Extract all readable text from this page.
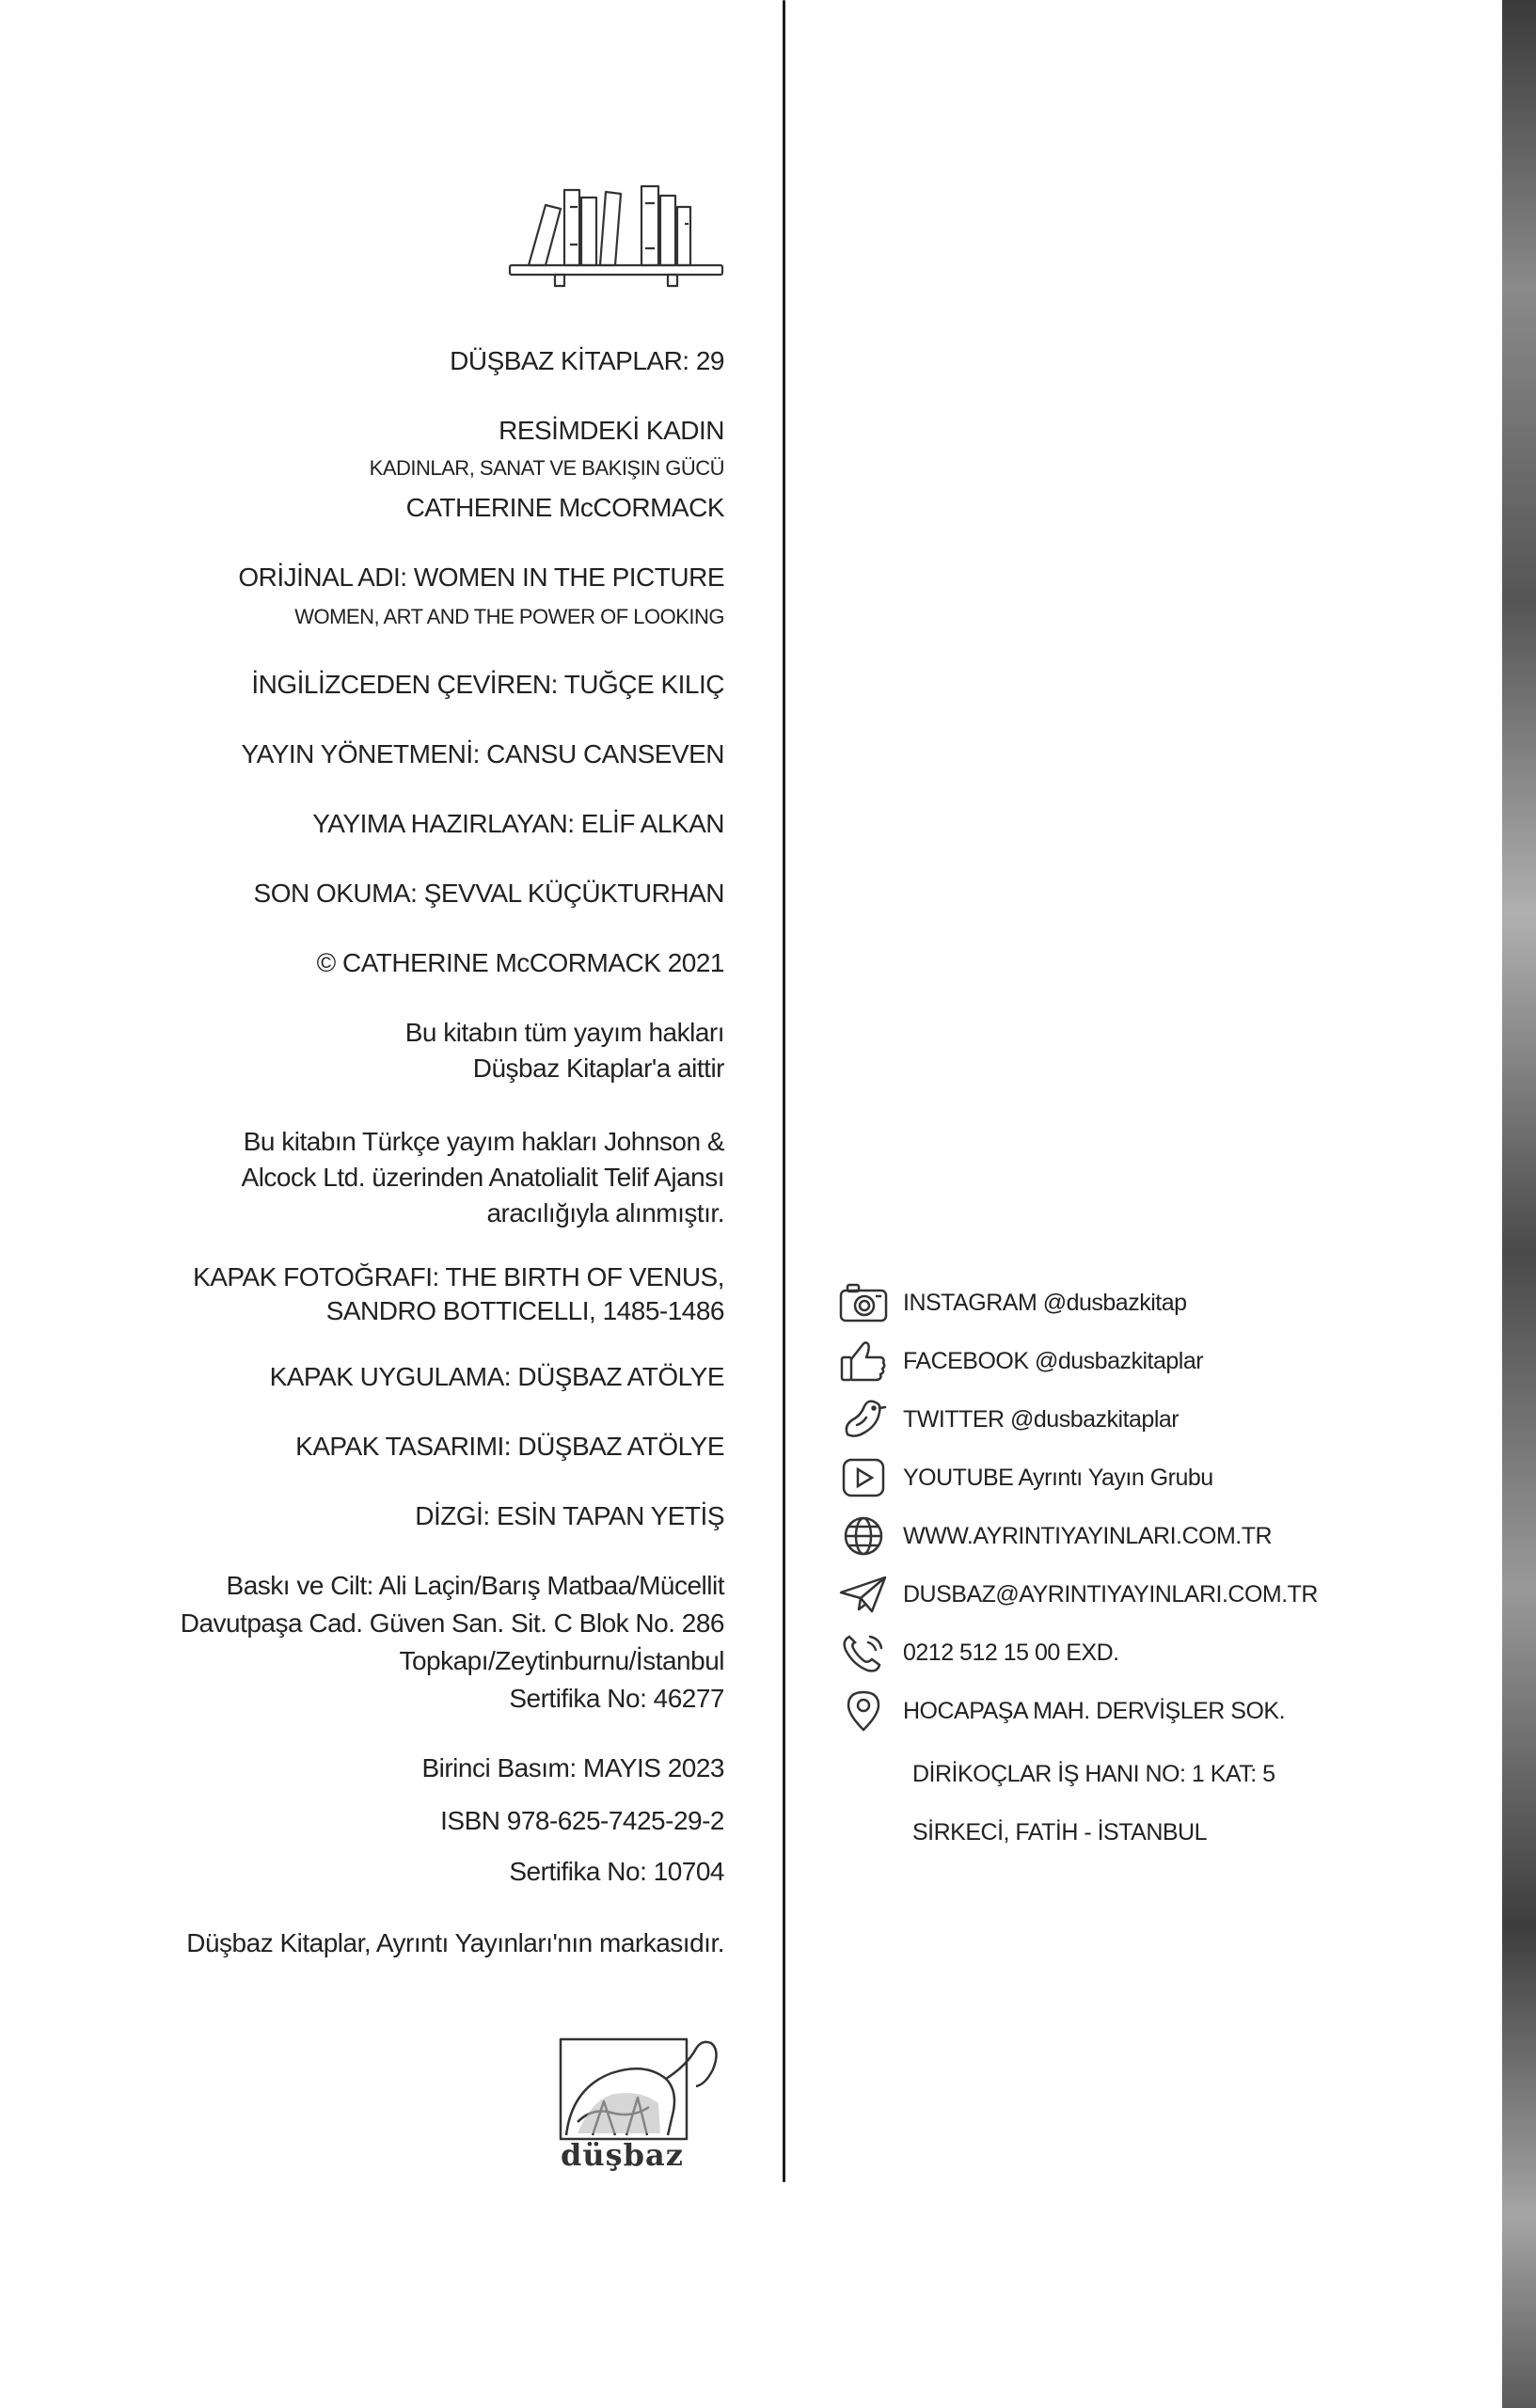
DÜŞBAZ KİTAPLAR: 29
RESİMDEKİ KADIN
KADINLAR, SANAT VE BAKIŞIN GÜCÜ
CATHERINE McCORMACK
ORİJİNAL ADI: WOMEN IN THE PICTURE
WOMEN, ART AND THE POWER OF LOOKING
İNGİLİZCEDEN ÇEVİREN: TUĞÇE KILIÇ
YAYIN YÖNETMENİ: CANSU CANSEVEN
YAYIMA HAZIRLAYAN: ELİF ALKAN
SON OKUMA: ŞEVVAL KÜÇÜKTURHAN
© CATHERINE McCORMACK 2021
Bu kitabın tüm yayım hakları
Düşbaz Kitaplar'a aittir
Bu kitabın Türkçe yayım hakları Johnson &
Alcock Ltd. üzerinden Anatolialit Telif Ajansı
aracılığıyla alınmıştır.
KAPAK FOTOĞRAFI: THE BIRTH OF VENUS,
SANDRO BOTTICELLI, 1485-1486
KAPAK UYGULAMA: DÜŞBAZ ATÖLYE
KAPAK TASARIMI: DÜŞBAZ ATÖLYE
DİZGİ: ESİN TAPAN YETİŞ
Baskı ve Cilt: Ali Laçin/Barış Matbaa/Mücellit
Davutpaşa Cad. Güven San. Sit. C Blok No. 286
Topkapı/Zeytinburnu/İstanbul
Sertifika No: 46277
Birinci Basım: MAYIS 2023
ISBN 978-625-7425-29-2
Sertifika No: 10704
Düşbaz Kitaplar, Ayrıntı Yayınları'nın markasıdır.
INSTAGRAM @dusbazkitap
FACEBOOK @dusbazkitaplar
TWITTER @dusbazkitaplar
YOUTUBE Ayrıntı Yayın Grubu
WWW.AYRINTIYAYINLARI.COM.TR
DUSBAZ@AYRINTIYAYINLARI.COM.TR
0212 512 15 00 EXD.
HOCAPAŞA MAH. DERVİŞLER SOK.
DİRİKOÇLAR İŞ HANI NO: 1 KAT: 5
SİRKECİ, FATİH - İSTANBUL
düşbaz
